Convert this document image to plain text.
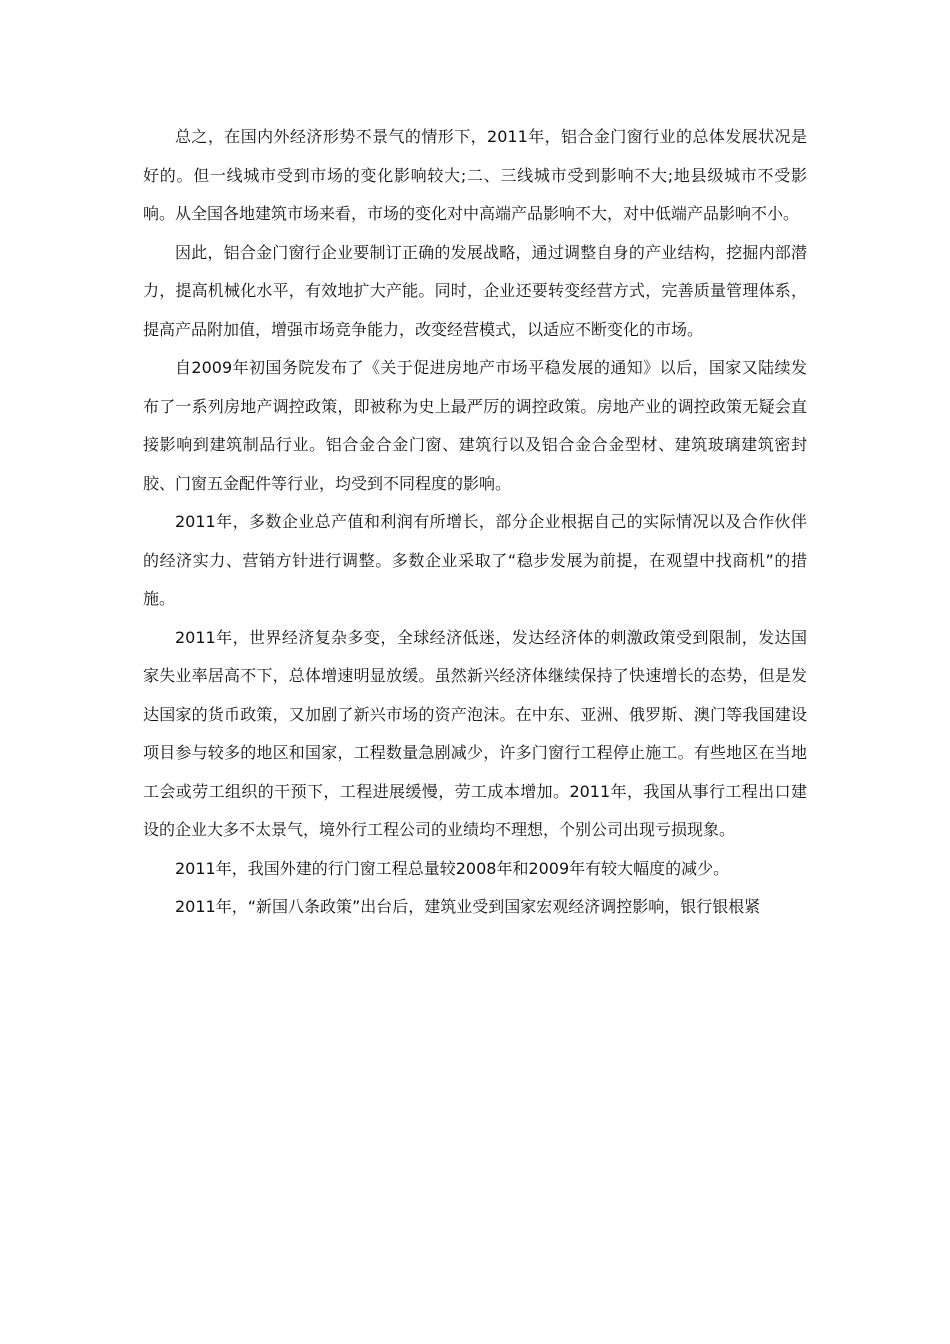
总之，在国内外经济形势不景气的情形下，2011年，铝合金门窗行业的总体发展状况是好的。但一线城市受到市场的变化影响较大;二、三线城市受到影响不大;地县级城市不受影响。从全国各地建筑市场来看，市场的变化对中高端产品影响不大，对中低端产品影响不小。

因此，铝合金门窗行企业要制订正确的发展战略，通过调整自身的产业结构，挖掘内部潜力，提高机械化水平，有效地扩大产能。同时，企业还要转变经营方式，完善质量管理体系，提高产品附加值，增强市场竞争能力，改变经营模式，以适应不断变化的市场。

自2009年初国务院发布了《关于促进房地产市场平稳发展的通知》以后，国家又陆续发布了一系列房地产调控政策，即被称为史上最严厉的调控政策。房地产业的调控政策无疑会直接影响到建筑制品行业。铝合金合金门窗、建筑行以及铝合金合金型材、建筑玻璃建筑密封胶、门窗五金配件等行业，均受到不同程度的影响。

2011年，多数企业总产值和利润有所增长，部分企业根据自己的实际情况以及合作伙伴的经济实力、营销方针进行调整。多数企业采取了“稳步发展为前提，在观望中找商机”的措施。

2011年，世界经济复杂多变，全球经济低迷，发达经济体的刺激政策受到限制，发达国家失业率居高不下，总体增速明显放缓。虽然新兴经济体继续保持了快速增长的态势，但是发达国家的货币政策，又加剧了新兴市场的资产泡沫。在中东、亚洲、俄罗斯、澳门等我国建设项目参与较多的地区和国家，工程数量急剧减少，许多门窗行工程停止施工。有些地区在当地工会或劳工组织的干预下，工程进展缓慢，劳工成本增加。2011年，我国从事行工程出口建设的企业大多不太景气，境外行工程公司的业绩均不理想，个别公司出现亏损现象。

2011年，我国外建的行门窗工程总量较2008年和2009年有较大幅度的减少。

2011年，“新国八条政策”出台后，建筑业受到国家宏观经济调控影响，银行银根紧
